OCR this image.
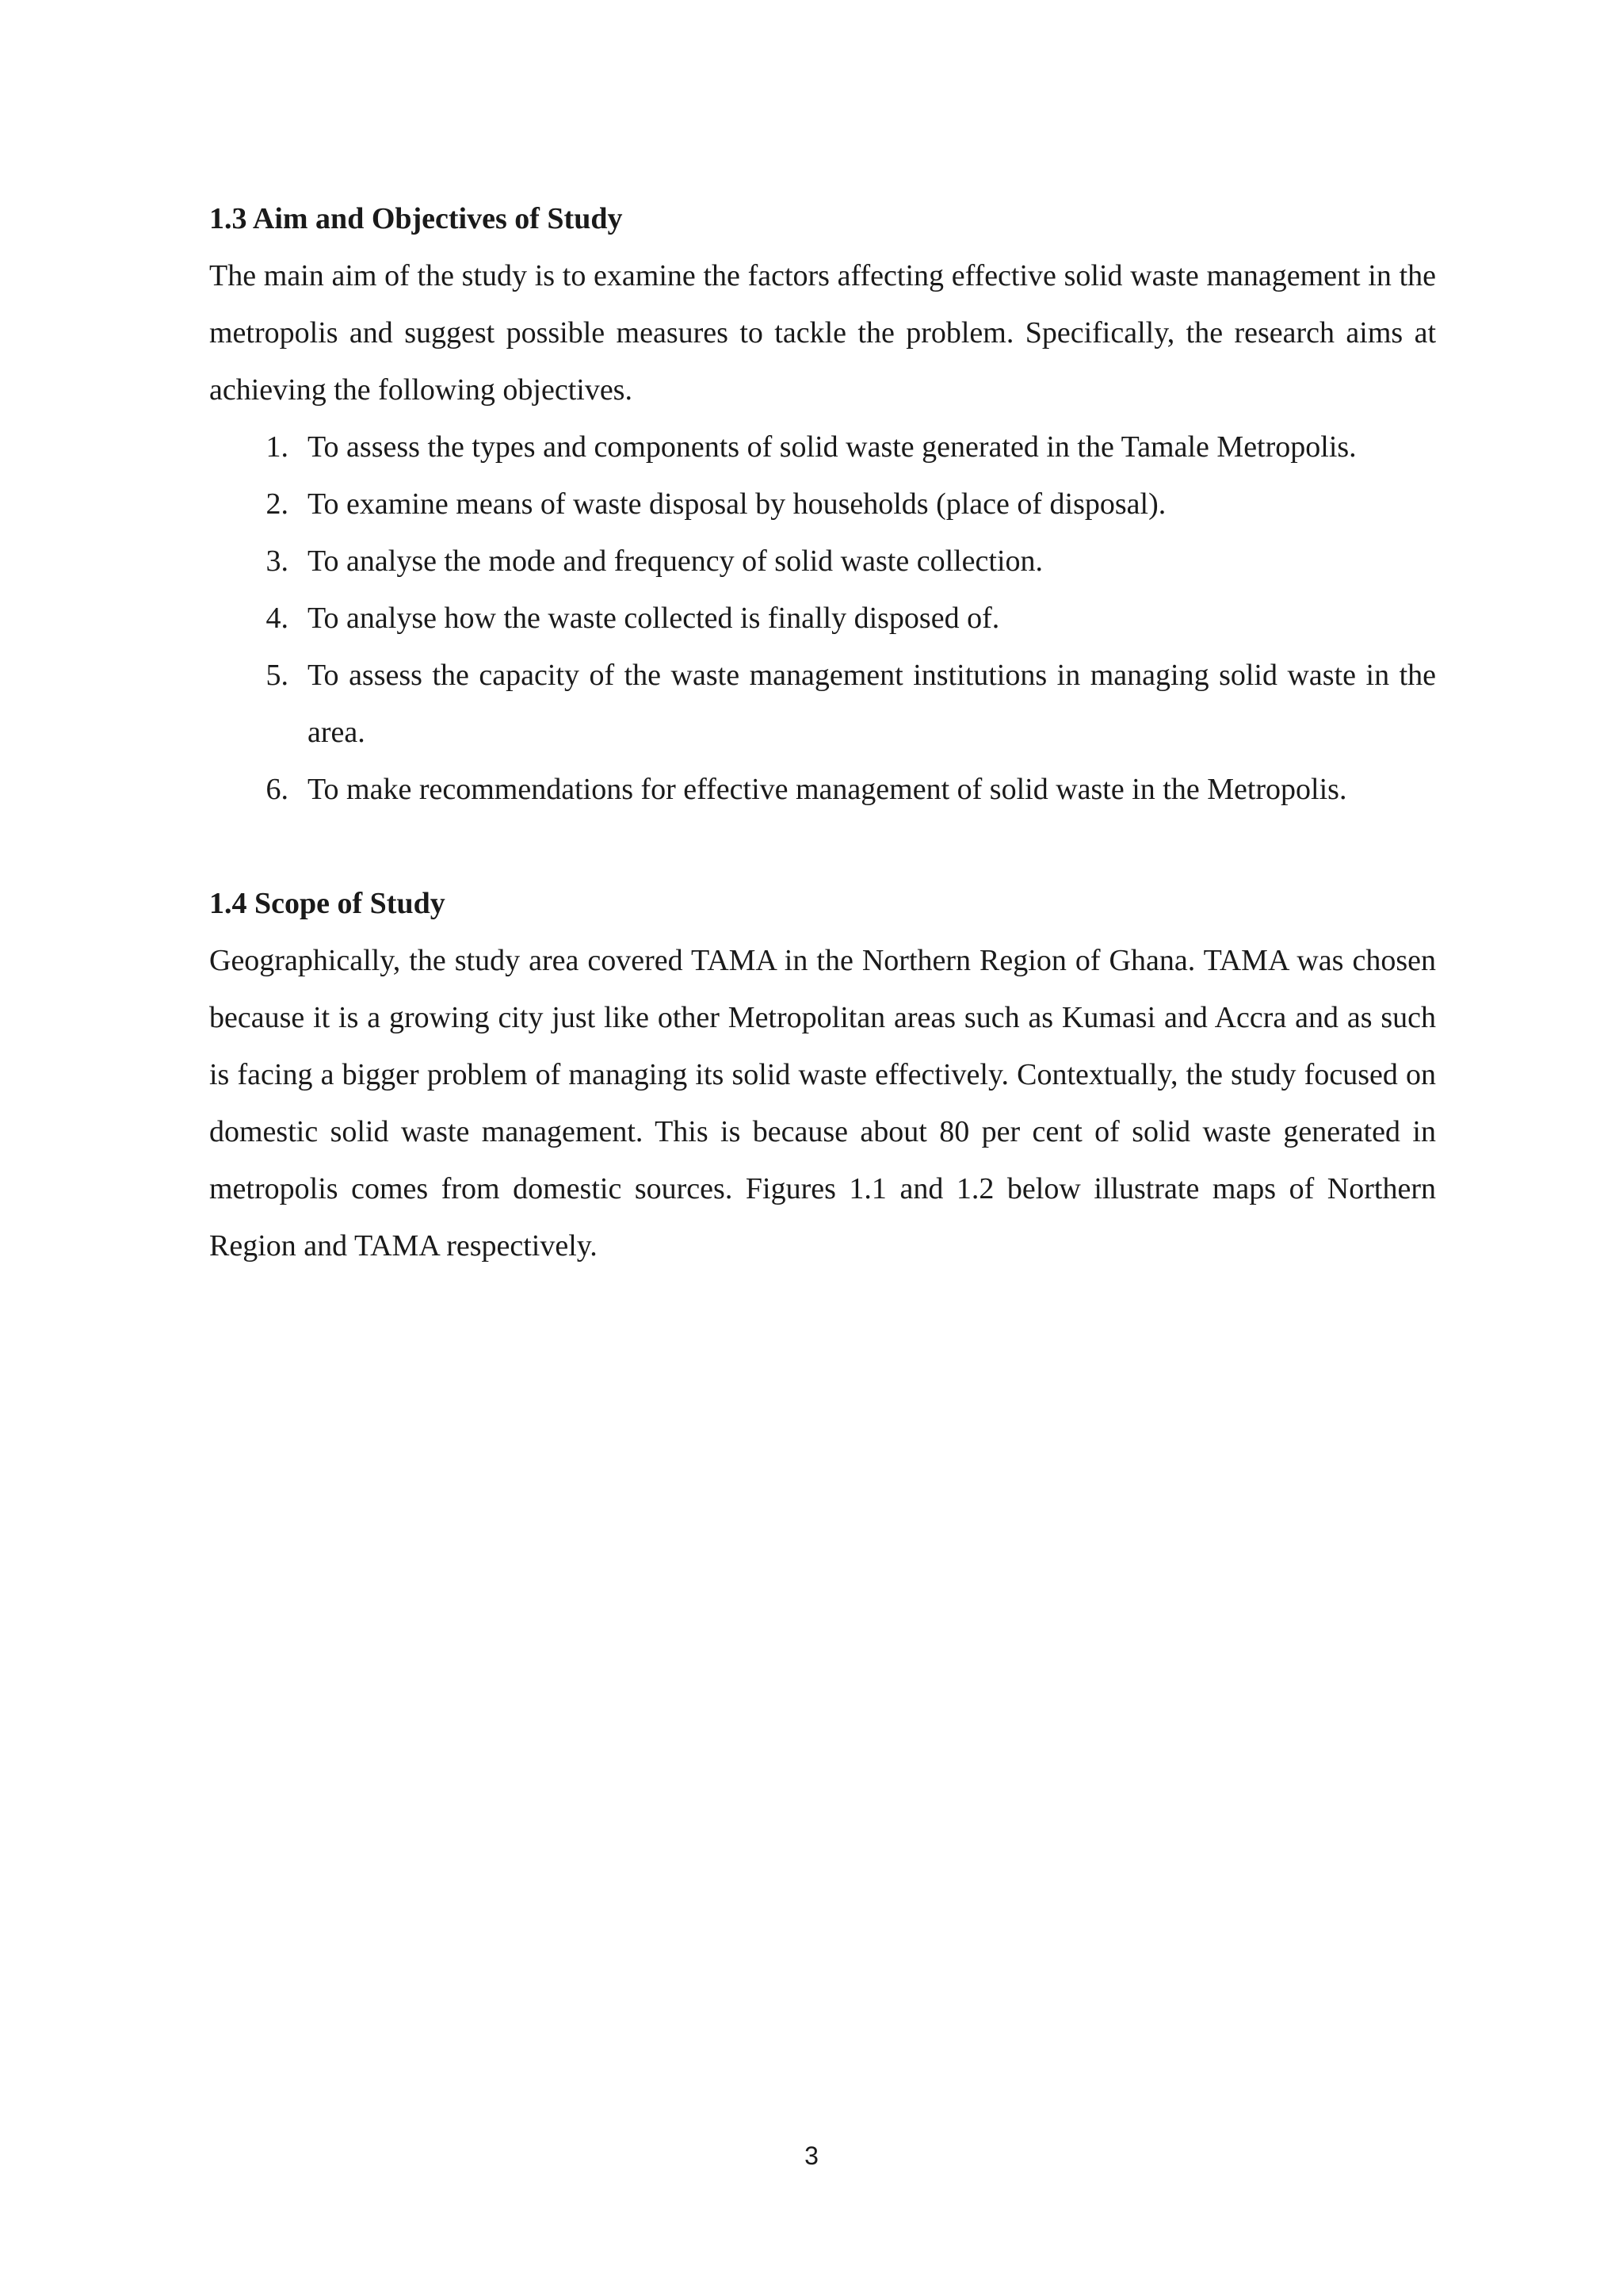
1.3 Aim and Objectives of Study

The main aim of the study is to examine the factors affecting effective solid waste management in the metropolis and suggest possible measures to tackle the problem. Specifically, the research aims at achieving the following objectives.

1. To assess the types and components of solid waste generated in the Tamale Metropolis.
2. To examine means of waste disposal by households (place of disposal).
3. To analyse the mode and frequency of solid waste collection.
4. To analyse how the waste collected is finally disposed of.
5. To assess the capacity of the waste management institutions in managing solid waste in the area.
6. To make recommendations for effective management of solid waste in the Metropolis.
1.4 Scope of Study

Geographically, the study area covered TAMA in the Northern Region of Ghana. TAMA was chosen because it is a growing city just like other Metropolitan areas such as Kumasi and Accra and as such is facing a bigger problem of managing its solid waste effectively. Contextually, the study focused on domestic solid waste management. This is because about 80 per cent of solid waste generated in metropolis comes from domestic sources. Figures 1.1 and 1.2 below illustrate maps of Northern Region and TAMA respectively.

3
